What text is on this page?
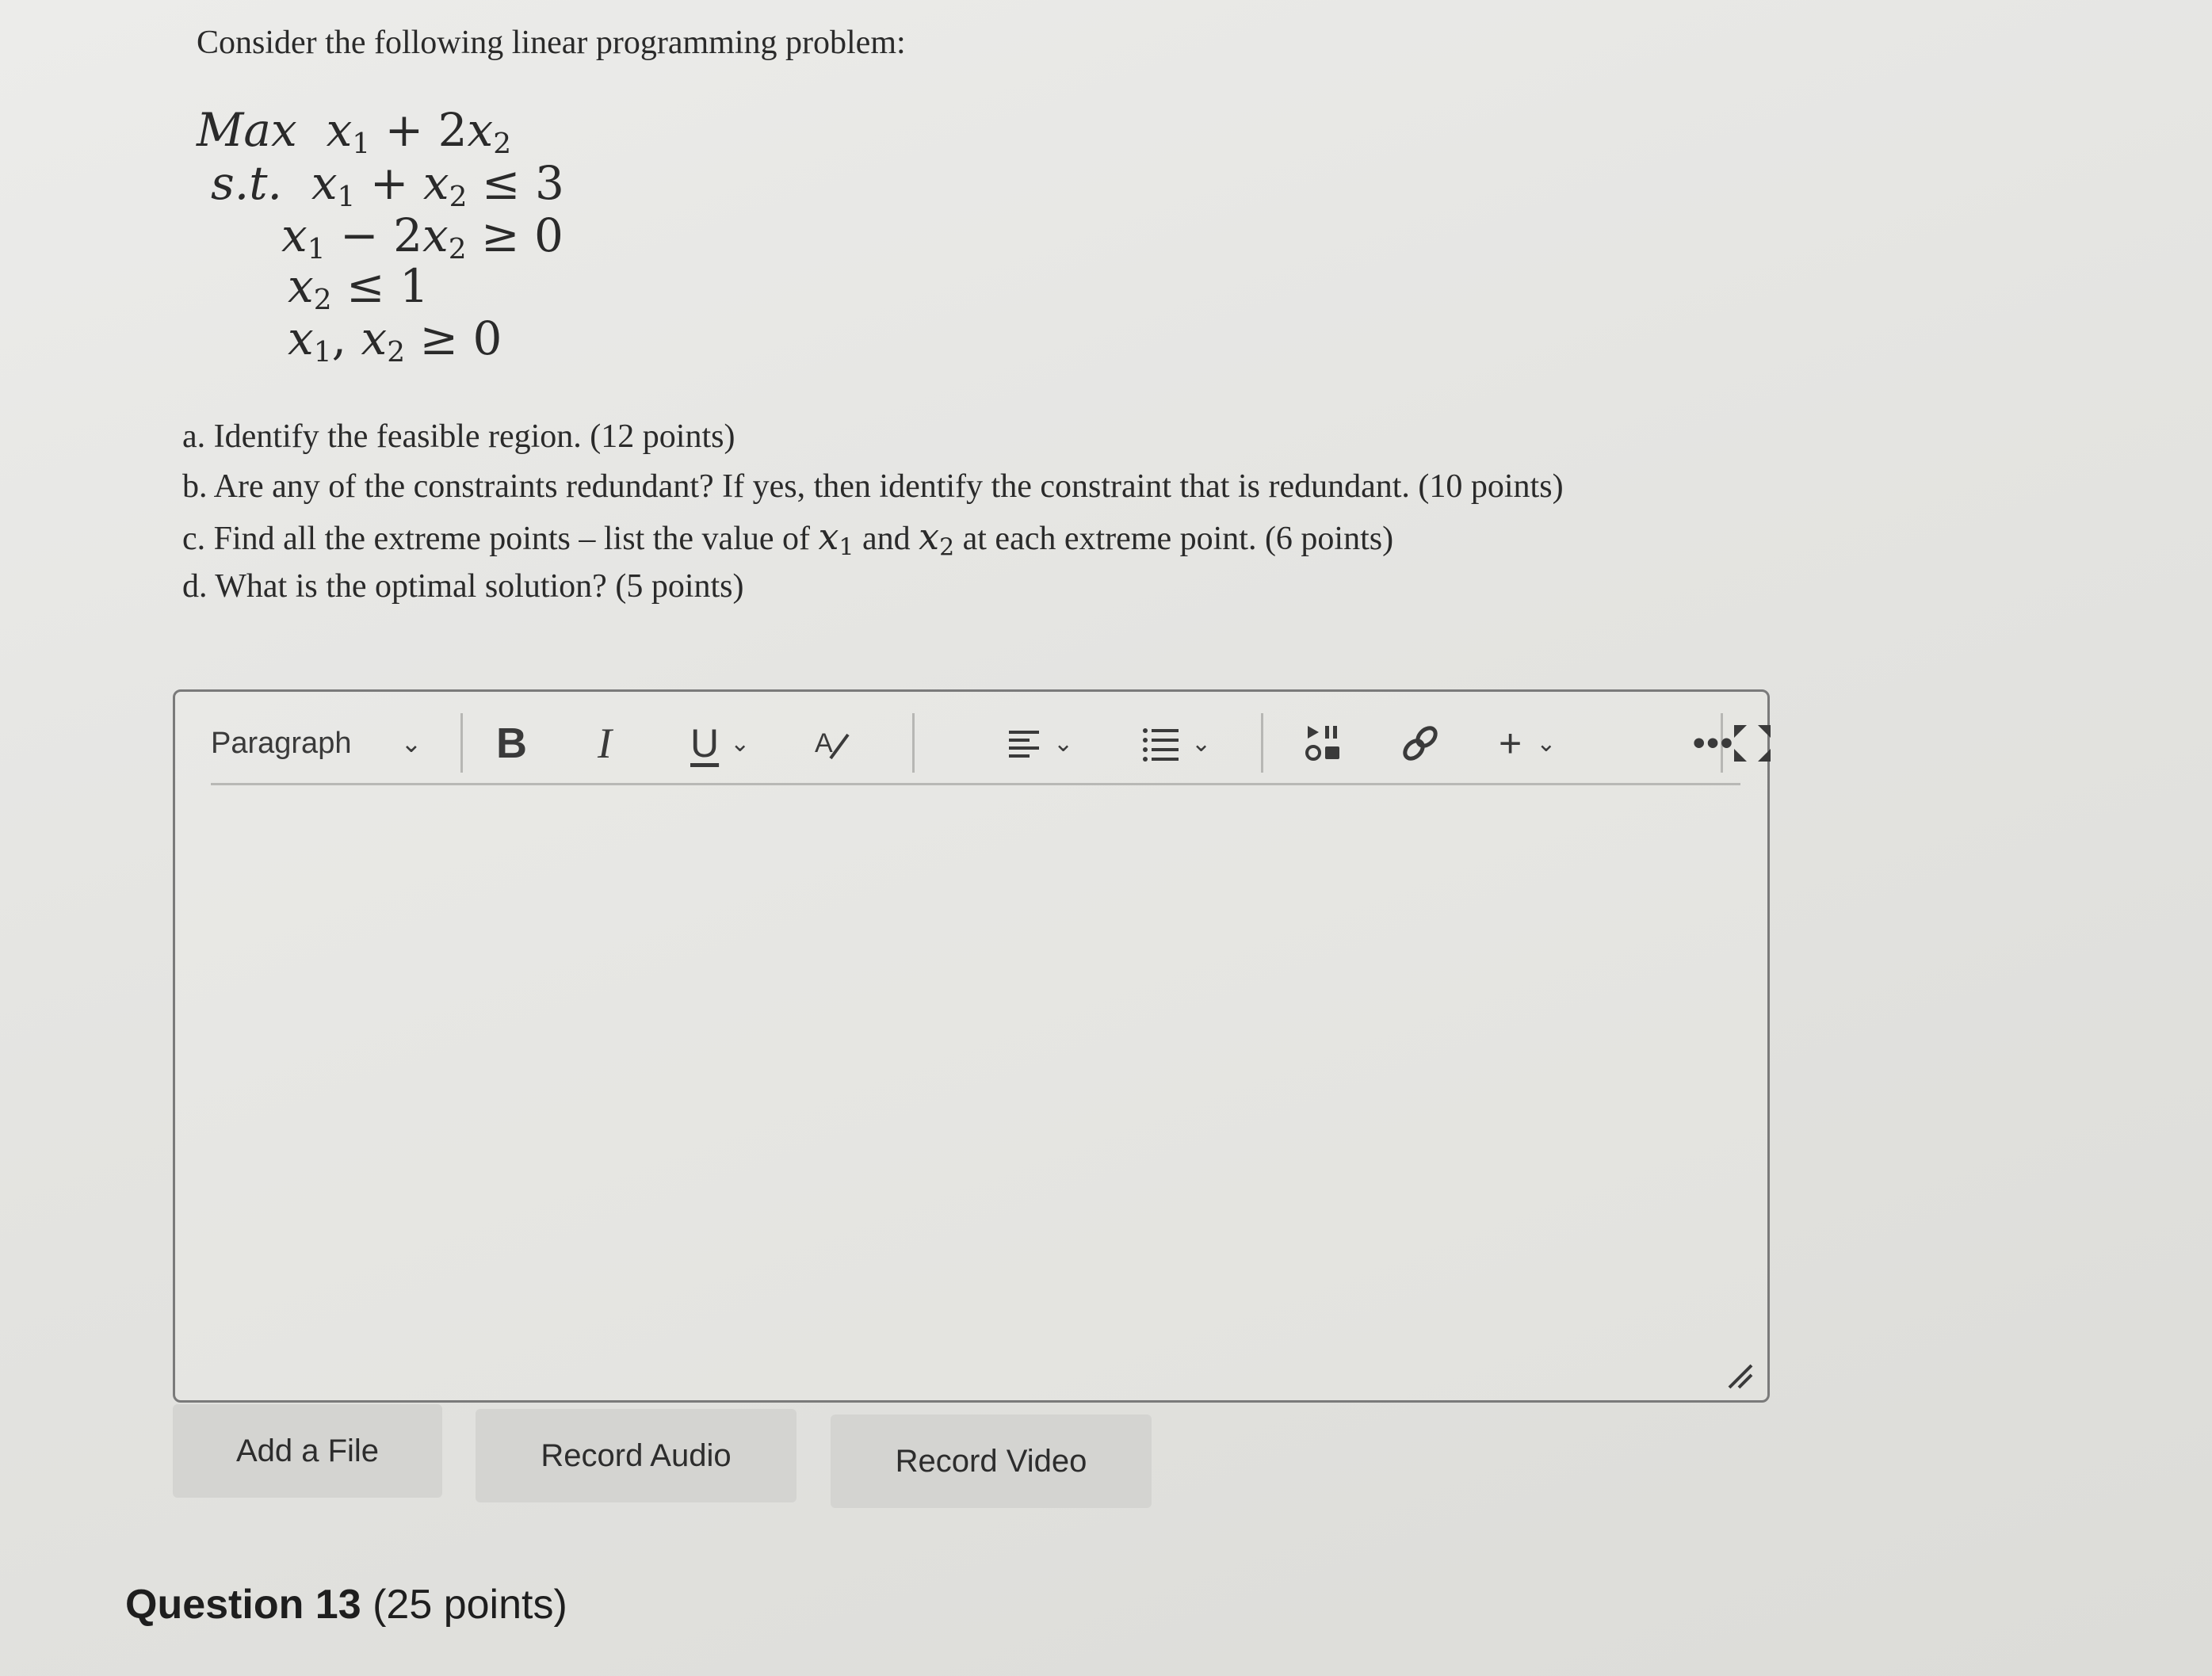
Consider the following linear programming problem:
Max $x_1 + 2x_2$
s.t. $x_1 + x_2 \le 3$
$x_1 - 2x_2 \ge 0$
$x_2 \le 1$
$x_1$, $x_2 \ge 0$
a. Identify the feasible region. (12 points)
b. Are any of the constraints redundant? If yes, then identify the constraint that is redundant. (10 points)
c. Find all the extreme points – list the value of $x_1$ and $x_2$ at each extreme point. (6 points)
d. What is the optimal solution? (5 points)
Paragraph ⌄ B I U ⌄ A	⌄	⌄	+ ⌄	•••
Add a File	Record Audio	Record Video
Question 13 (25 points)
